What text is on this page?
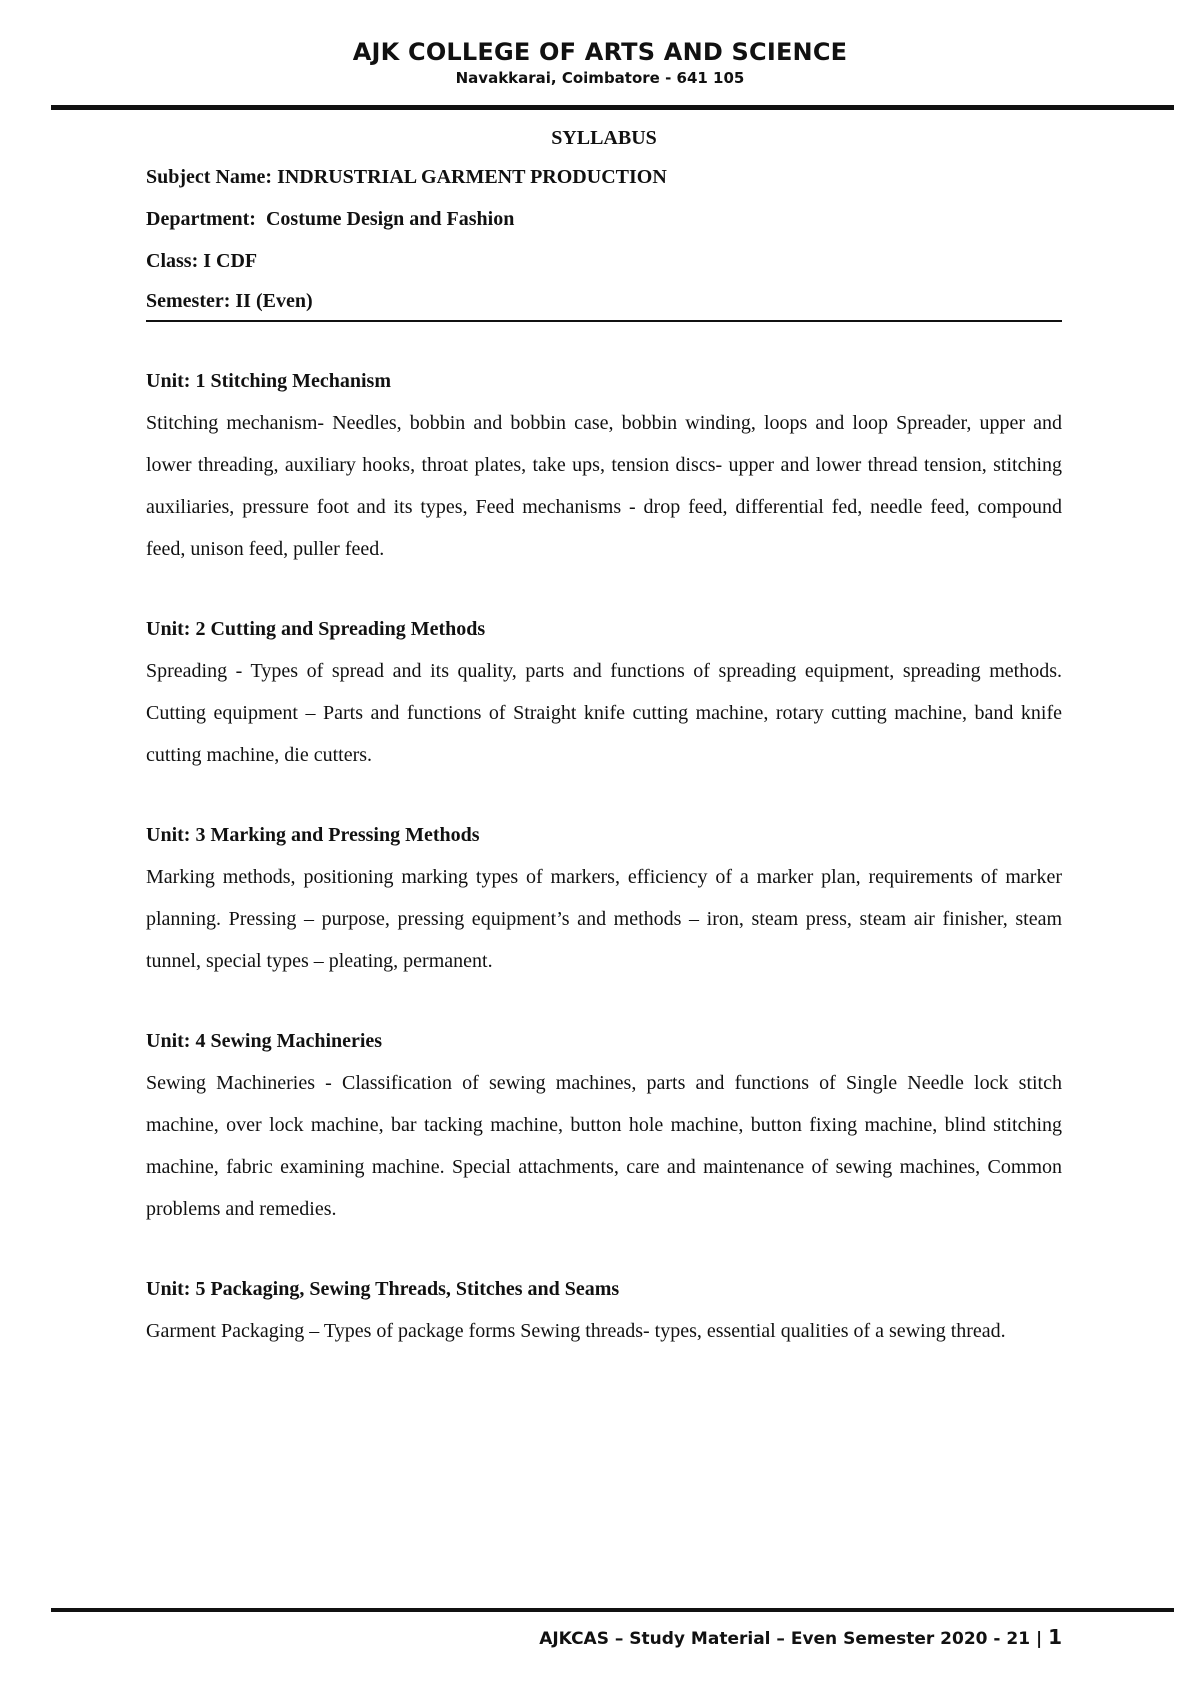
AJK COLLEGE OF ARTS AND SCIENCE
Navakkarai, Coimbatore - 641 105

SYLLABUS

Subject Name: INDRUSTRIAL GARMENT PRODUCTION

Department:  Costume Design and Fashion

Class: I CDF

Semester: II (Even)

Unit: 1 Stitching Mechanism

Stitching mechanism- Needles, bobbin and bobbin case, bobbin winding, loops and loop Spreader, upper and lower threading, auxiliary hooks, throat plates, take ups, tension discs- upper and lower thread tension, stitching auxiliaries, pressure foot and its types, Feed mechanisms - drop feed, differential fed, needle feed, compound feed, unison feed, puller feed.

Unit: 2 Cutting and Spreading Methods

Spreading - Types of spread and its quality, parts and functions of spreading equipment, spreading methods. Cutting equipment – Parts and functions of Straight knife cutting machine, rotary cutting machine, band knife cutting machine, die cutters.

Unit: 3 Marking and Pressing Methods

Marking methods, positioning marking types of markers, efficiency of a marker plan, requirements of marker planning. Pressing – purpose, pressing equipment’s and methods – iron, steam press, steam air finisher, steam tunnel, special types – pleating, permanent.

Unit: 4 Sewing Machineries

Sewing Machineries - Classification of sewing machines, parts and functions of Single Needle lock stitch machine, over lock machine, bar tacking machine, button hole machine, button fixing machine, blind stitching machine, fabric examining machine. Special attachments, care and maintenance of sewing machines, Common problems and remedies.

Unit: 5 Packaging, Sewing Threads, Stitches and Seams

Garment Packaging – Types of package forms Sewing threads- types, essential qualities of a sewing thread.

AJKCAS – Study Material – Even Semester 2020 - 21 | 1
